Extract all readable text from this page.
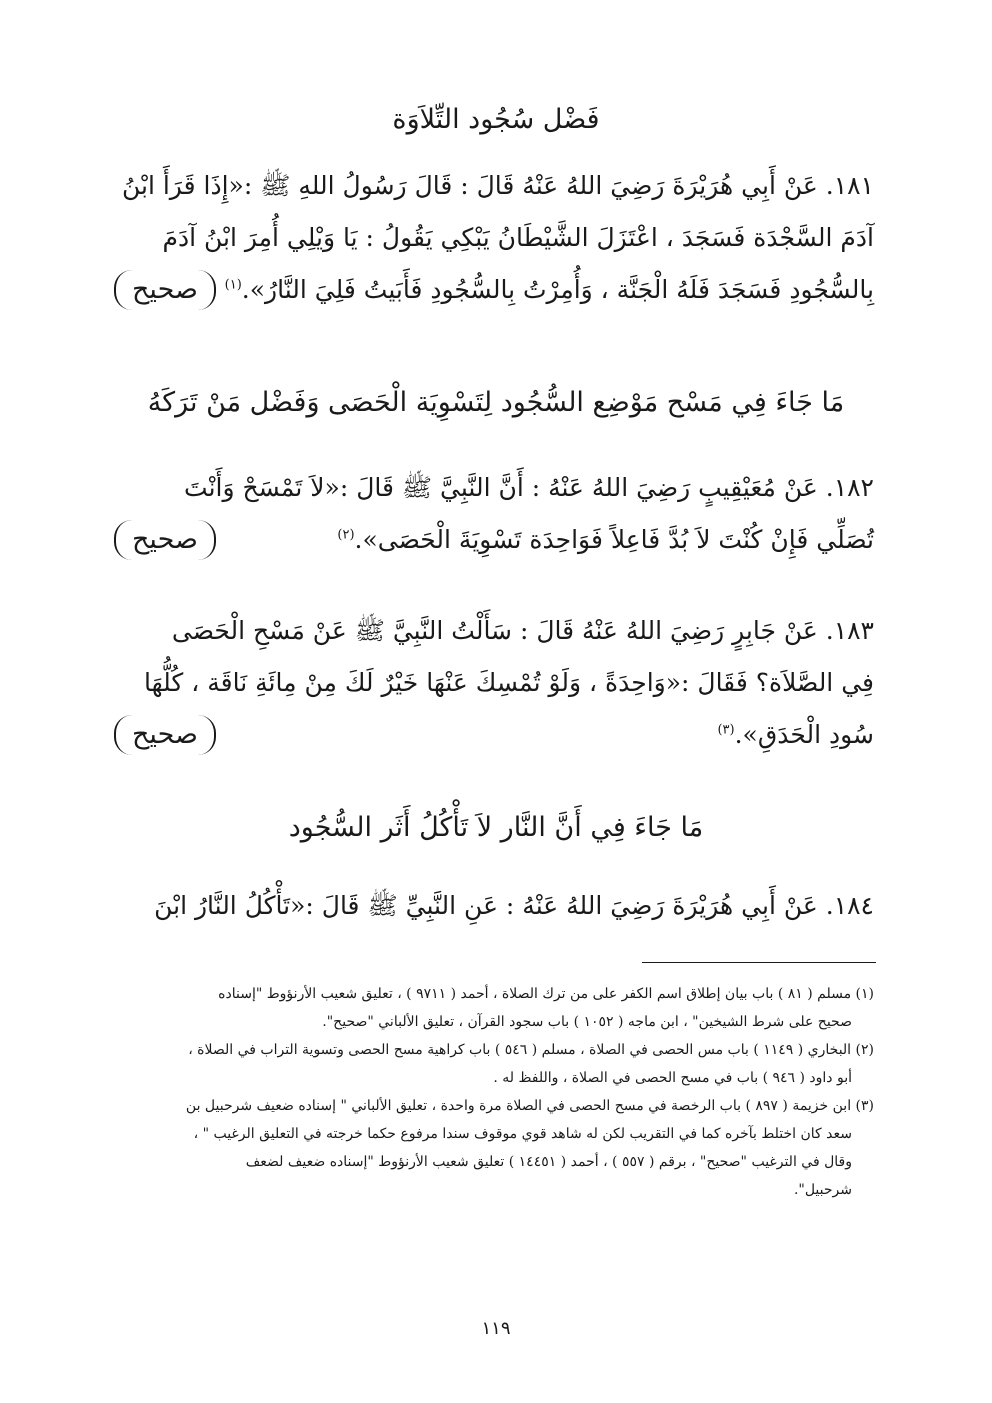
فَضْل سُجُود التِّلاَوَة
١٨١. عَنْ أَبِي هُرَيْرَةَ رَضِيَ اللهُ عَنْهُ قَالَ : قَالَ رَسُولُ اللهِ ﷺ :«إِذَا قَرَأَ ابْنُ
آدَمَ السَّجْدَة فَسَجَدَ ، اعْتَزَلَ الشَّيْطَانُ يَبْكِي يَقُولُ : يَا وَيْلِي أُمِرَ ابْنُ آدَمَ
بِالسُّجُودِ فَسَجَدَ فَلَهُ الْجَنَّة ، وَأُمِرْتُ بِالسُّجُودِ فَأَبَيتُ فَلِيَ النَّارُ».$^{(١)}$
صحيح
مَا جَاءَ فِي مَسْح مَوْضِع السُّجُود لِتَسْوِيَة الْحَصَى وَفَضْل مَنْ تَرَكَهُ
١٨٢. عَنْ مُعَيْقِيبٍ رَضِيَ اللهُ عَنْهُ : أَنَّ النَّبِيَّ ﷺ قَالَ :«لاَ تَمْسَحْ وَأَنْتَ
تُصَلِّي فَإِنْ كُنْتَ لاَ بُدَّ فَاعِلاً فَوَاحِدَة تَسْوِيَةَ الْحَصَى».$^{(٢)}$
صحيح
١٨٣. عَنْ جَابِرٍ رَضِيَ اللهُ عَنْهُ قَالَ : سَأَلْتُ النَّبِيَّ ﷺ عَنْ مَسْحِ الْحَصَى
فِي الصَّلاَة؟ فَقَالَ :«وَاحِدَةً ، وَلَوْ تُمْسِكَ عَنْهَا خَيْرٌ لَكَ مِنْ مِائَةِ نَاقَة ، كُلُّهَا
سُودِ الْحَدَقِ».$^{(٣)}$
صحيح
مَا جَاءَ فِي أَنَّ النَّار لاَ تَأْكُلُ أَثَر السُّجُود
١٨٤. عَنْ أَبِي هُرَيْرَةَ رَضِيَ اللهُ عَنْهُ : عَنِ النَّبِيِّ ﷺ قَالَ :«تَأْكُلُ النَّارُ ابْنَ
(١) مسلم ( ٨١ ) باب بيان إطلاق اسم الكفر على من ترك الصلاة ، أحمد ( ٩٧١١ ) ، تعليق شعيب الأرنؤوط "إسناده
صحيح على شرط الشيخين" ، ابن ماجه ( ١٠٥٢ ) باب سجود القرآن ، تعليق الألباني "صحيح".
(٢) البخاري ( ١١٤٩ ) باب مس الحصى في الصلاة ، مسلم ( ٥٤٦ ) باب كراهية مسح الحصى وتسوية التراب في الصلاة ،
أبو داود ( ٩٤٦ ) باب في مسح الحصى في الصلاة ، واللفظ له .
(٣) ابن خزيمة ( ٨٩٧ ) باب الرخصة في مسح الحصى في الصلاة مرة واحدة ، تعليق الألباني " إسناده ضعيف شرحبيل بن
سعد كان اختلط بآخره كما في التقريب لكن له شاهد قوي موقوف سندا مرفوع حكما خرجته في التعليق الرغيب " ،
وقال في الترغيب "صحيح" ، برقم ( ٥٥٧ ) ، أحمد ( ١٤٤٥١ ) تعليق شعيب الأرنؤوط "إسناده ضعيف لضعف
شرحبيل".
١١٩
